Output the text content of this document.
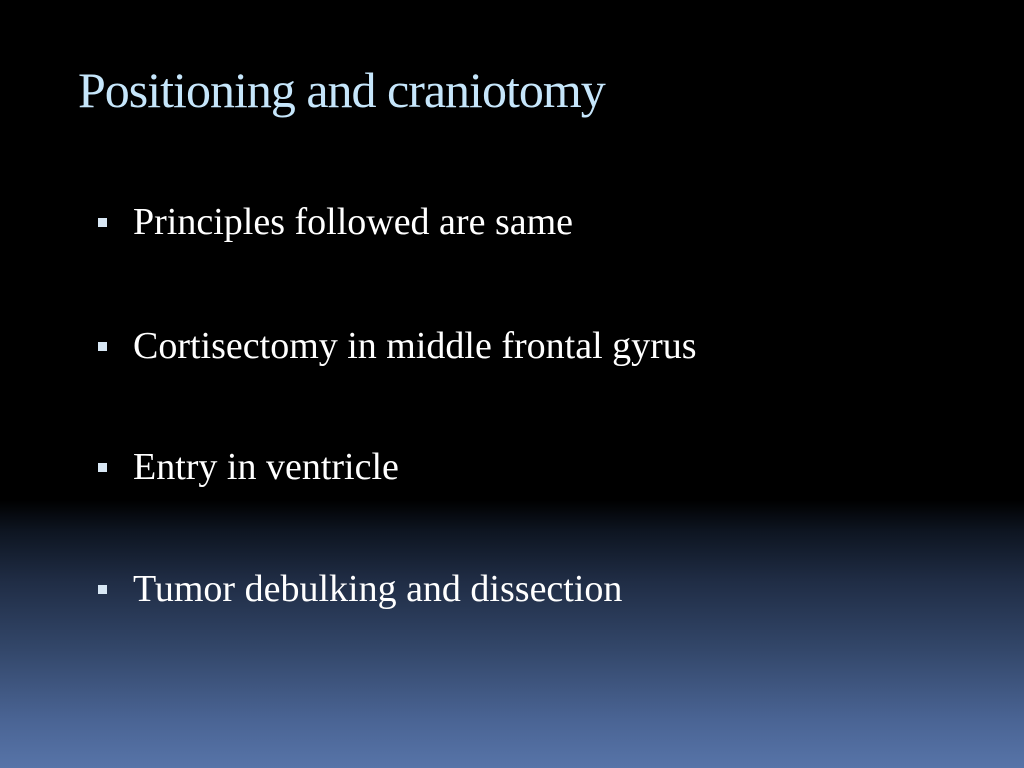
Positioning and craniotomy
Principles followed are same
Cortisectomy in middle frontal gyrus
Entry in ventricle
Tumor debulking and dissection
